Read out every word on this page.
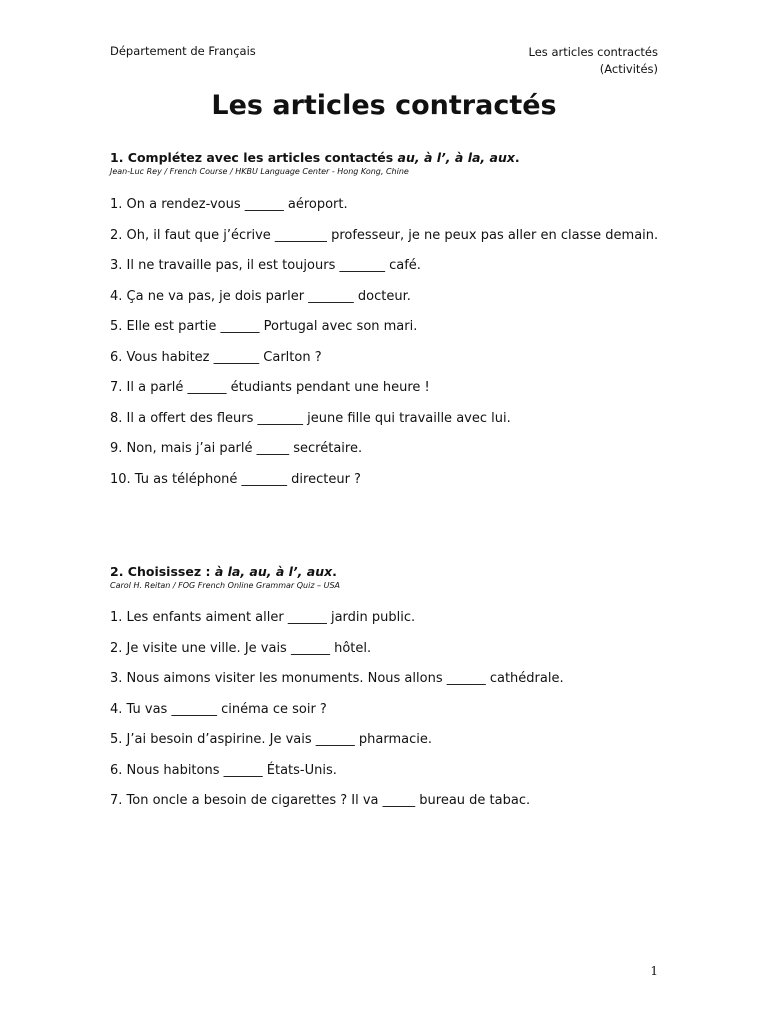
Département de Français	Les articles contractés
(Activités)
Les articles contractés

1. Complétez avec les articles contactés au, à l’, à la, aux.

Jean-Luc Rey / French Course / HKBU Language Center - Hong Kong, Chine

1. On a rendez-vous ______ aéroport.
2. Oh, il faut que j’écrive ________ professeur, je ne peux pas aller en classe demain.
3. Il ne travaille pas, il est toujours _______ café.
4. Ça ne va pas, je dois parler _______ docteur.
5. Elle est partie ______ Portugal avec son mari.
6. Vous habitez _______ Carlton ?
7. Il a parlé ______ étudiants pendant une heure !
8. Il a offert des fleurs _______ jeune fille qui travaille avec lui.
9. Non, mais j’ai parlé _____ secrétaire.
10. Tu as téléphoné _______ directeur ?

2. Choisissez : à la, au, à l’, aux.

Carol H. Reitan / FOG French Online Grammar Quiz – USA

1. Les enfants aiment aller ______ jardin public.
2. Je visite une ville. Je vais ______ hôtel.
3. Nous aimons visiter les monuments. Nous allons ______ cathédrale.
4. Tu vas _______ cinéma ce soir ?
5. J’ai besoin d’aspirine. Je vais ______ pharmacie.
6. Nous habitons ______ États-Unis.
7. Ton oncle a besoin de cigarettes ? Il va _____ bureau de tabac.
1
